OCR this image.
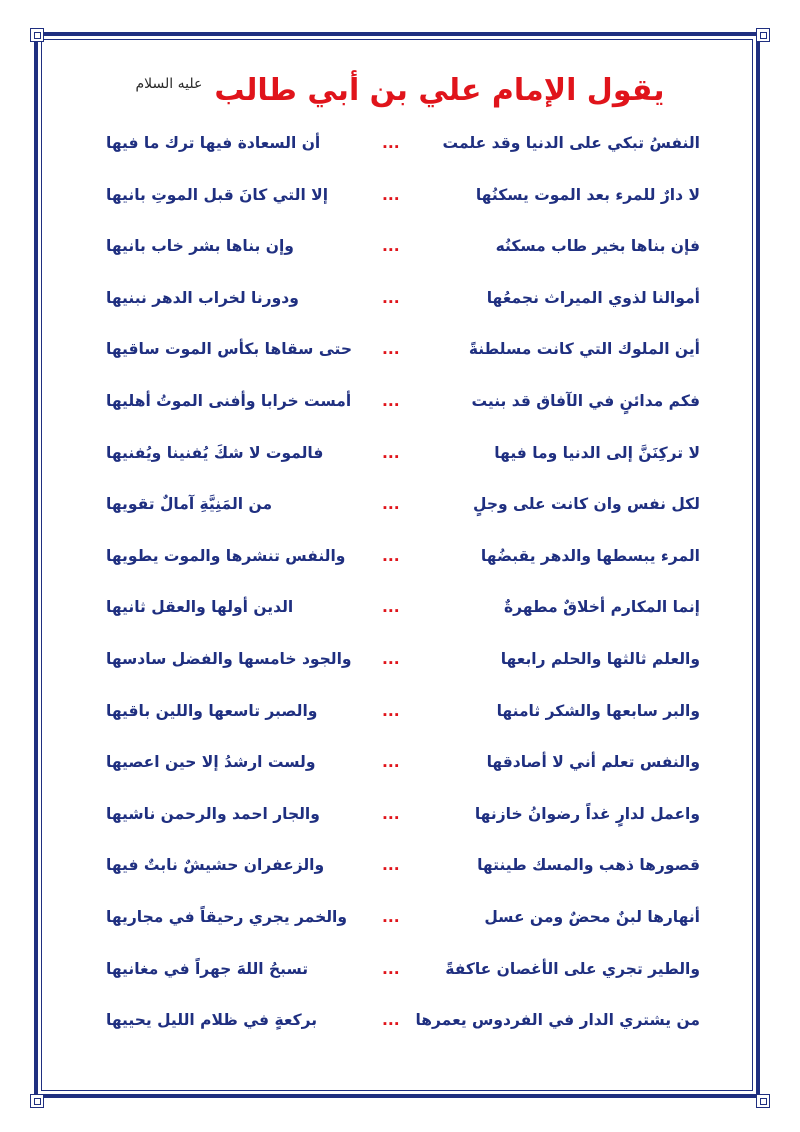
يقول الإمام علي بن أبي طالب
عليه السلام
النفسُ تبكي على الدنيا وقد علمت
...
أن السعادة فيها ترك ما فيها
لا دارٌ للمرء بعد الموت يسكنُها
...
إلا التي كانَ قبل الموتِ بانيها
فإن بناها بخير طاب مسكنُه
...
وإن بناها بشر خاب بانيها
أموالنا لذوي الميراث نجمعُها
...
ودورنا لخراب الدهر نبنيها
أين الملوك التي كانت مسلطنةً
...
حتى سقاها بكأس الموت ساقيها
فكم مدائنٍ في الآفاق قد بنيت
...
أمست خرابا وأفنى الموتُ أهليها
لا تركِنَنَّ إلى الدنيا وما فيها
...
فالموت لا شكَ يُفنينا ويُفنيها
لكل نفس وان كانت على وجلٍ
...
من المَنِيَّةِ آمالٌ تقويها
المرء يبسطها والدهر يقبضُها
...
والنفس تنشرها والموت يطويها
إنما المكارم أخلاقٌ مطهرةٌ
...
الدين أولها والعقل ثانيها
والعلم ثالثها والحلم رابعها
...
والجود خامسها والفضل سادسها
والبر سابعها والشكر ثامنها
...
والصبر تاسعها واللين باقيها
والنفس تعلم أني لا أصادقها
...
ولست ارشدُ إلا حين اعصيها
واعمل لدارٍ غداً رضوانُ خازنها
...
والجار احمد والرحمن ناشيها
قصورها ذهب والمسك طينتها
...
والزعفران حشيشٌ نابتٌ فيها
أنهارها لبنٌ محضٌ ومن عسل
...
والخمر يجري رحيقاً في مجاريها
والطير تجري على الأغصان عاكفةً
...
تسبحُ اللهَ جهراً في مغانيها
من يشتري الدار في الفردوس يعمرها
...
بركعةٍ في ظلام الليل يحييها
